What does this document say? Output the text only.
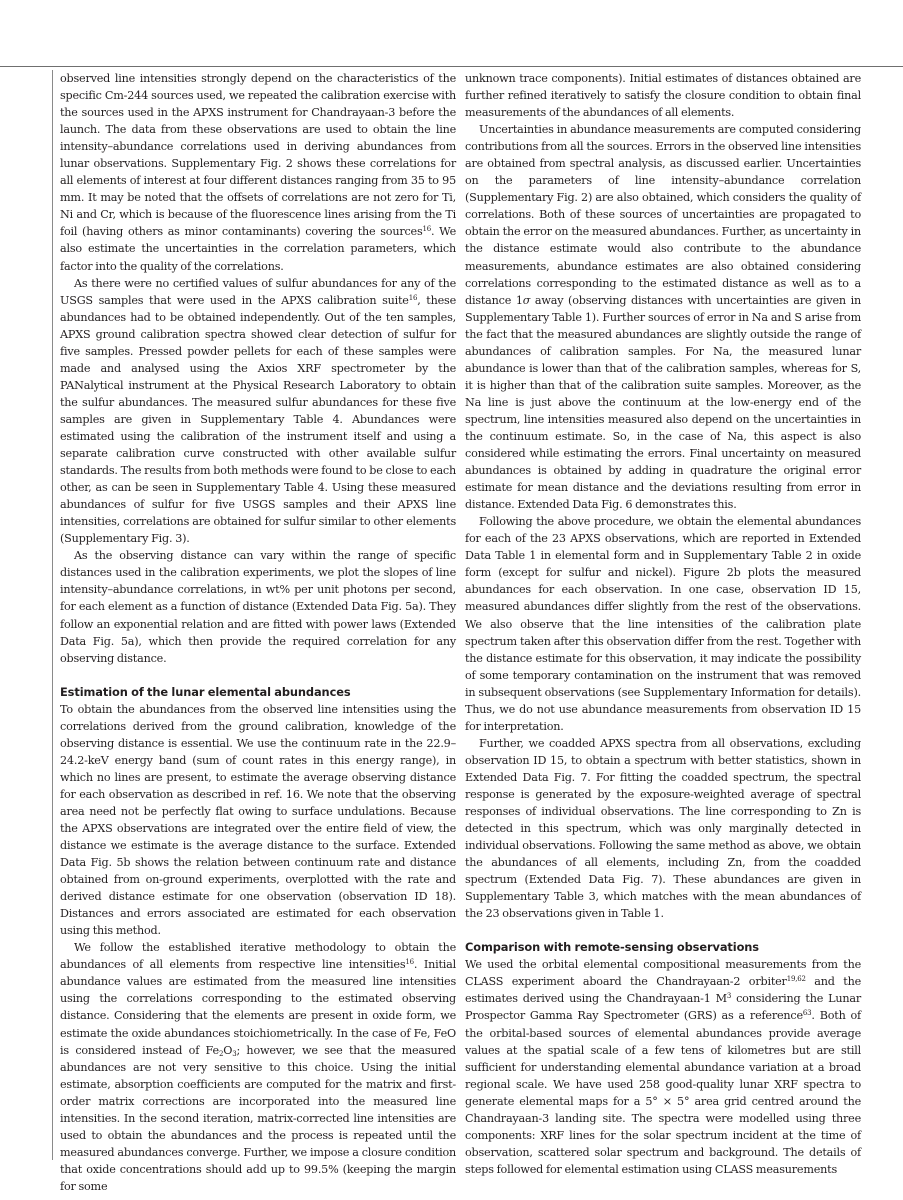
observed line intensities strongly depend on the characteristics of the specific Cm-244 sources used, we repeated the calibration exercise with the sources used in the APXS instrument for Chandrayaan-3 before the launch. The data from these observations are used to obtain the line intensity–abundance correlations used in deriving abundances from lunar observations. Supplementary Fig. 2 shows these correlations for all elements of interest at four different distances ranging from 35 to 95 mm. It may be noted that the offsets of correlations are not zero for Ti, Ni and Cr, which is because of the fluorescence lines arising from the Ti foil (having others as minor contaminants) covering the sources$^{16}$. We also estimate the uncertainties in the correlation parameters, which factor into the quality of the correlations.

As there were no certified values of sulfur abundances for any of the USGS samples that were used in the APXS calibration suite$^{16}$, these abundances had to be obtained independently. Out of the ten samples, APXS ground calibration spectra showed clear detection of sulfur for five samples. Pressed powder pellets for each of these samples were made and analysed using the Axios XRF spectrometer by the PANalytical instrument at the Physical Research Laboratory to obtain the sulfur abundances. The measured sulfur abundances for these five samples are given in Supplementary Table 4. Abundances were estimated using the calibration of the instrument itself and using a separate calibration curve constructed with other available sulfur standards. The results from both methods were found to be close to each other, as can be seen in Supplementary Table 4. Using these measured abundances of sulfur for five USGS samples and their APXS line intensities, correlations are obtained for sulfur similar to other elements (Supplementary Fig. 3).

As the observing distance can vary within the range of specific distances used in the calibration experiments, we plot the slopes of line intensity–abundance correlations, in wt% per unit photons per second, for each element as a function of distance (Extended Data Fig. 5a). They follow an exponential relation and are fitted with power laws (Extended Data Fig. 5a), which then provide the required correlation for any observing distance.

Estimation of the lunar elemental abundances

To obtain the abundances from the observed line intensities using the correlations derived from the ground calibration, knowledge of the observing distance is essential. We use the continuum rate in the 22.9–24.2-keV energy band (sum of count rates in this energy range), in which no lines are present, to estimate the average observing distance for each observation as described in ref. 16. We note that the observing area need not be perfectly flat owing to surface undulations. Because the APXS observations are integrated over the entire field of view, the distance we estimate is the average distance to the surface. Extended Data Fig. 5b shows the relation between continuum rate and distance obtained from on-ground experiments, overplotted with the rate and derived distance estimate for one observation (observation ID 18). Distances and errors associated are estimated for each observation using this method.

We follow the established iterative methodology to obtain the abundances of all elements from respective line intensities$^{16}$. Initial abundance values are estimated from the measured line intensities using the correlations corresponding to the estimated observing distance. Considering that the elements are present in oxide form, we estimate the oxide abundances stoichiometrically. In the case of Fe, FeO is considered instead of $Fe_2O_3$; however, we see that the measured abundances are not very sensitive to this choice. Using the initial estimate, absorption coefficients are computed for the matrix and first-order matrix corrections are incorporated into the measured line intensities. In the second iteration, matrix-corrected line intensities are used to obtain the abundances and the process is repeated until the measured abundances converge. Further, we impose a closure condition that oxide concentrations should add up to 99.5% (keeping the margin for some

unknown trace components). Initial estimates of distances obtained are further refined iteratively to satisfy the closure condition to obtain final measurements of the abundances of all elements.

Uncertainties in abundance measurements are computed considering contributions from all the sources. Errors in the observed line intensities are obtained from spectral analysis, as discussed earlier. Uncertainties on the parameters of line intensity–abundance correlation (Supplementary Fig. 2) are also obtained, which considers the quality of correlations. Both of these sources of uncertainties are propagated to obtain the error on the measured abundances. Further, as uncertainty in the distance estimate would also contribute to the abundance measurements, abundance estimates are also obtained considering correlations corresponding to the estimated distance as well as to a distance 1σ away (observing distances with uncertainties are given in Supplementary Table 1). Further sources of error in Na and S arise from the fact that the measured abundances are slightly outside the range of abundances of calibration samples. For Na, the measured lunar abundance is lower than that of the calibration samples, whereas for S, it is higher than that of the calibration suite samples. Moreover, as the Na line is just above the continuum at the low-energy end of the spectrum, line intensities measured also depend on the uncertainties in the continuum estimate. So, in the case of Na, this aspect is also considered while estimating the errors. Final uncertainty on measured abundances is obtained by adding in quadrature the original error estimate for mean distance and the deviations resulting from error in distance. Extended Data Fig. 6 demonstrates this.

Following the above procedure, we obtain the elemental abundances for each of the 23 APXS observations, which are reported in Extended Data Table 1 in elemental form and in Supplementary Table 2 in oxide form (except for sulfur and nickel). Figure 2b plots the measured abundances for each observation. In one case, observation ID 15, measured abundances differ slightly from the rest of the observations. We also observe that the line intensities of the calibration plate spectrum taken after this observation differ from the rest. Together with the distance estimate for this observation, it may indicate the possibility of some temporary contamination on the instrument that was removed in subsequent observations (see Supplementary Information for details). Thus, we do not use abundance measurements from observation ID 15 for interpretation.

Further, we coadded APXS spectra from all observations, excluding observation ID 15, to obtain a spectrum with better statistics, shown in Extended Data Fig. 7. For fitting the coadded spectrum, the spectral response is generated by the exposure-weighted average of spectral responses of individual observations. The line corresponding to Zn is detected in this spectrum, which was only marginally detected in individual observations. Following the same method as above, we obtain the abundances of all elements, including Zn, from the coadded spectrum (Extended Data Fig. 7). These abundances are given in Supplementary Table 3, which matches with the mean abundances of the 23 observations given in Table 1.

Comparison with remote-sensing observations

We used the orbital elemental compositional measurements from the CLASS experiment aboard the Chandrayaan-2 orbiter$^{19,62}$ and the estimates derived using the Chandrayaan-1 $M^3$ considering the Lunar Prospector Gamma Ray Spectrometer (GRS) as a reference$^{63}$. Both of the orbital-based sources of elemental abundances provide average values at the spatial scale of a few tens of kilometres but are still sufficient for understanding elemental abundance variation at a broad regional scale. We have used 258 good-quality lunar XRF spectra to generate elemental maps for a 5° × 5° area grid centred around the Chandrayaan-3 landing site. The spectra were modelled using three components: XRF lines for the solar spectrum incident at the time of observation, scattered solar spectrum and background. The details of steps followed for elemental estimation using CLASS measurements
